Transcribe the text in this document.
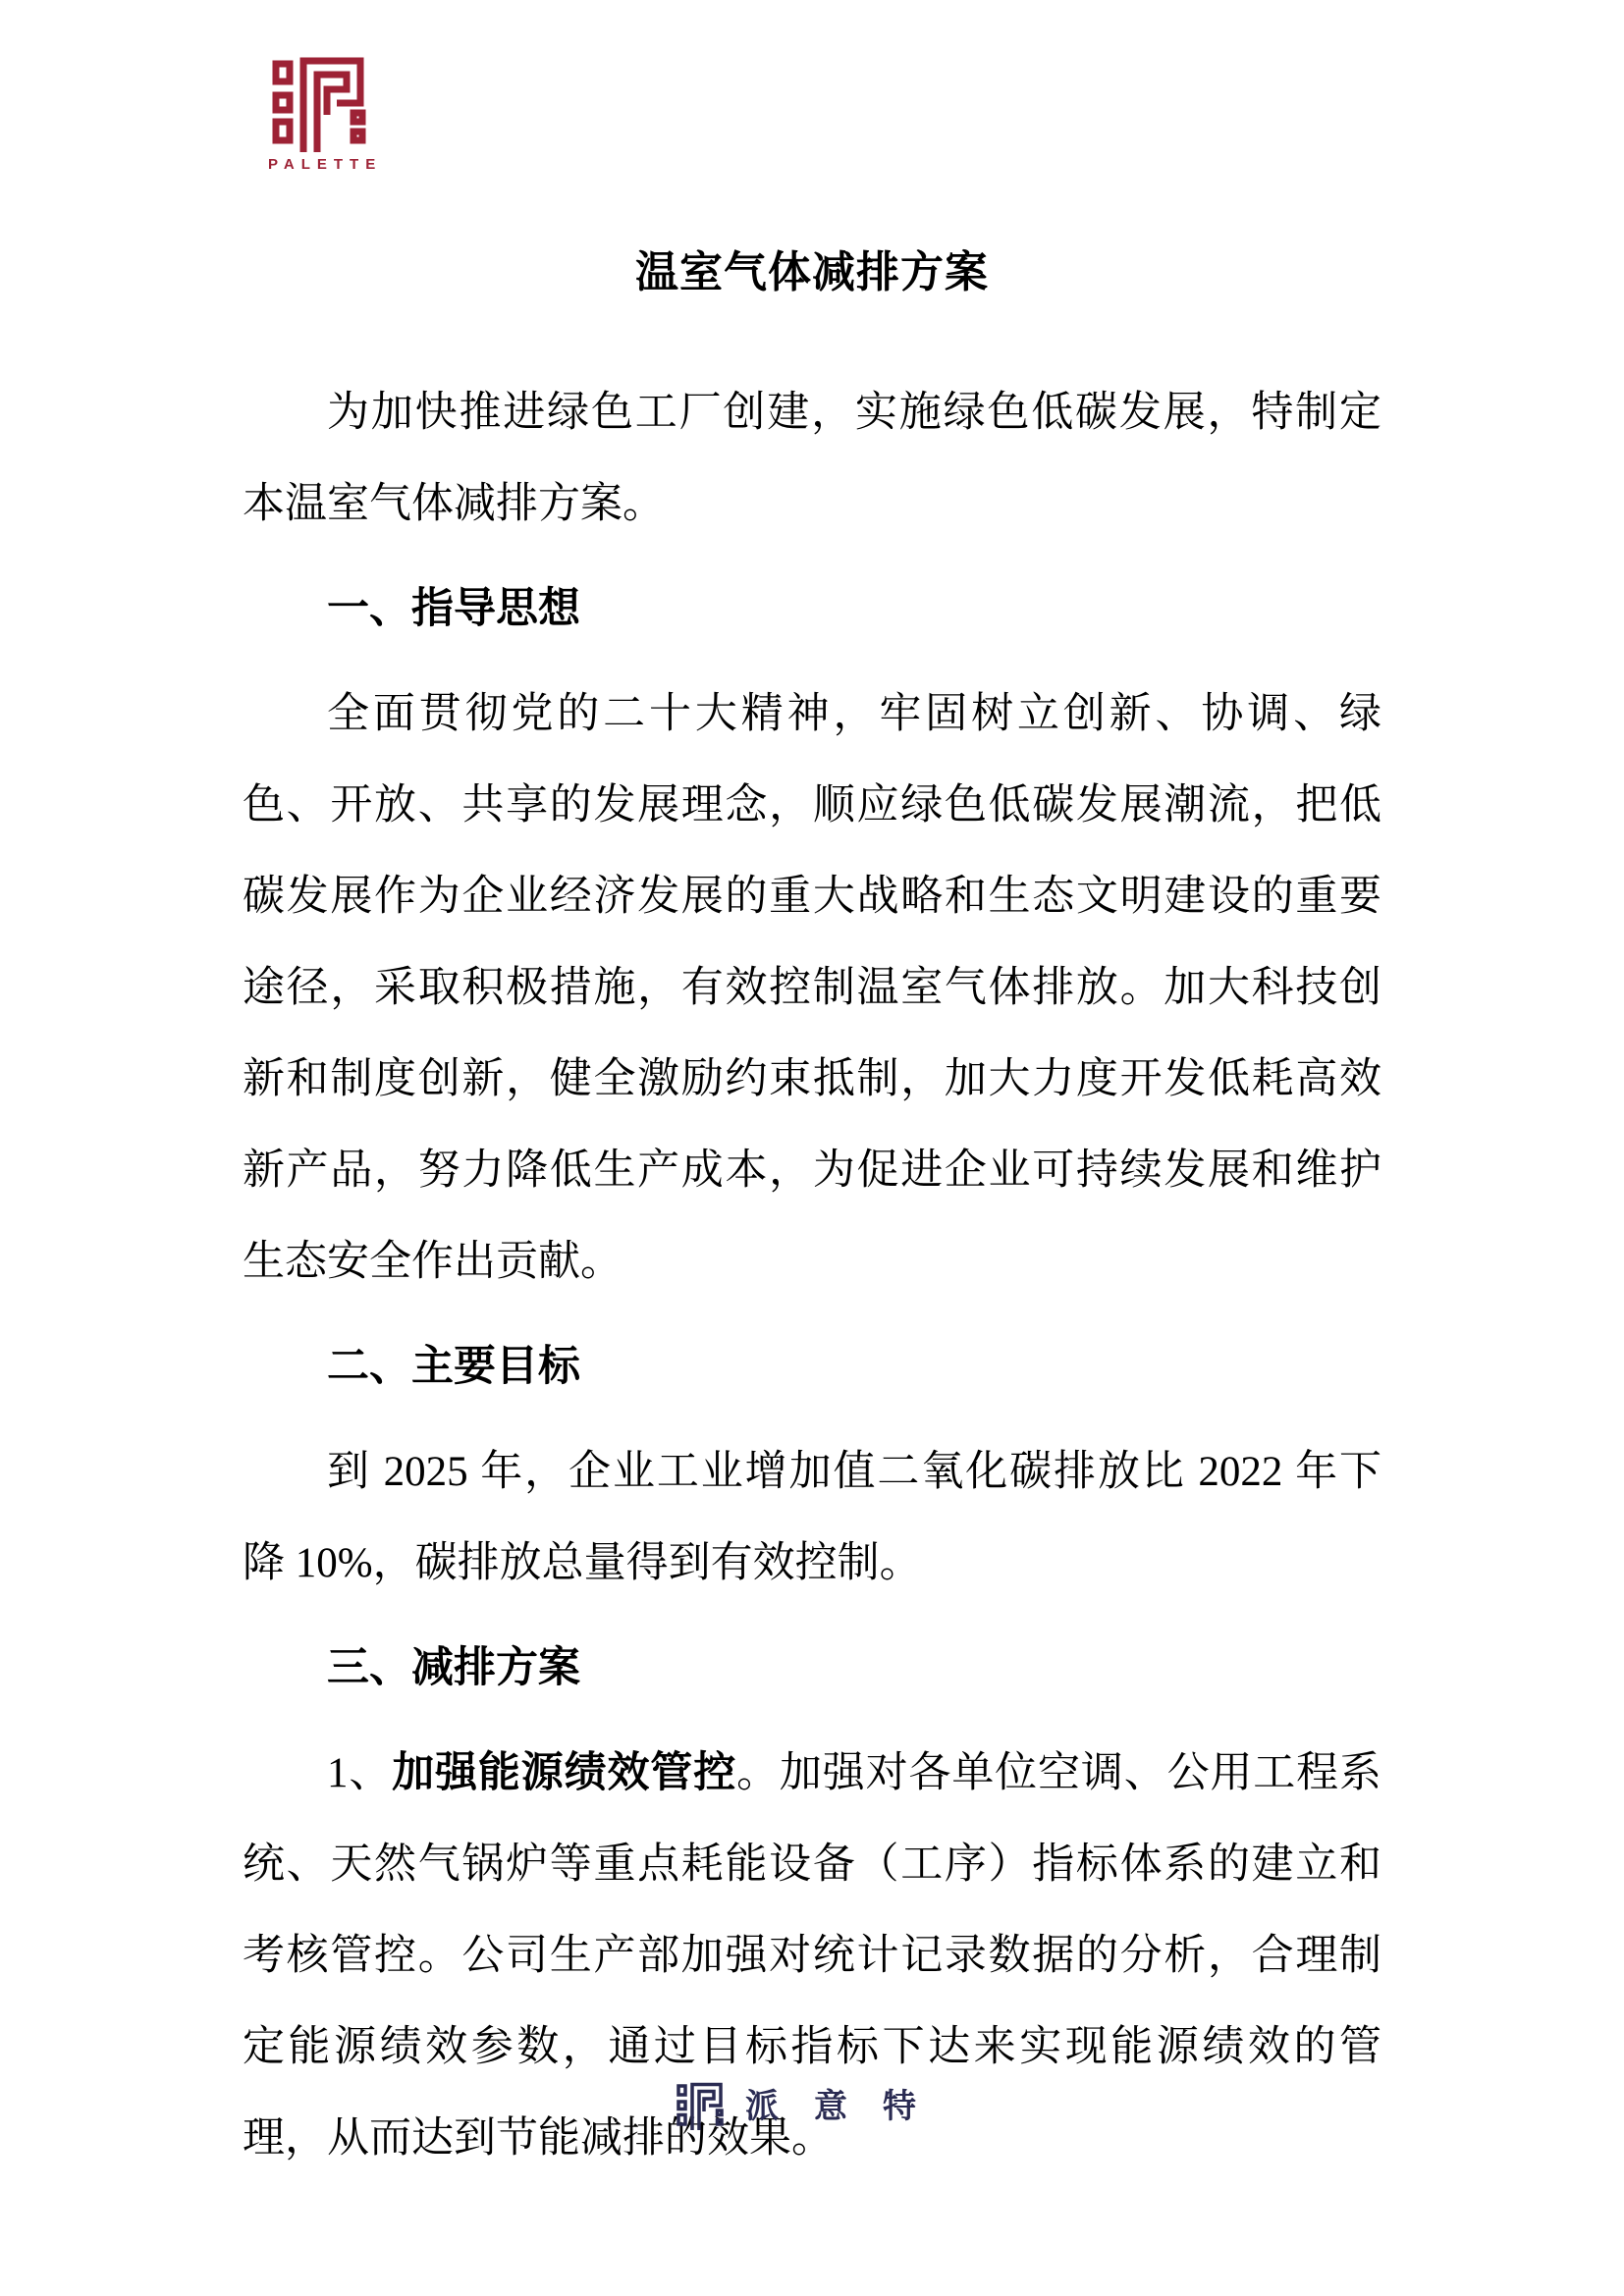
PALETTE
温室气体减排方案

为加快推进绿色工厂创建，实施绿色低碳发展，特制定本温室气体减排方案。

一、指导思想

全面贯彻党的二十大精神，牢固树立创新、协调、绿色、开放、共享的发展理念，顺应绿色低碳发展潮流，把低碳发展作为企业经济发展的重大战略和生态文明建设的重要途径，采取积极措施，有效控制温室气体排放。加大科技创新和制度创新，健全激励约束抵制，加大力度开发低耗高效新产品，努力降低生产成本，为促进企业可持续发展和维护生态安全作出贡献。

二、主要目标

到 2025 年，企业工业增加值二氧化碳排放比 2022 年下降 10%，碳排放总量得到有效控制。

三、减排方案

1、加强能源绩效管控。加强对各单位空调、公用工程系统、天然气锅炉等重点耗能设备（工序）指标体系的建立和考核管控。公司生产部加强对统计记录数据的分析，合理制定能源绩效参数，通过目标指标下达来实现能源绩效的管理，从而达到节能减排的效果。

派意特
